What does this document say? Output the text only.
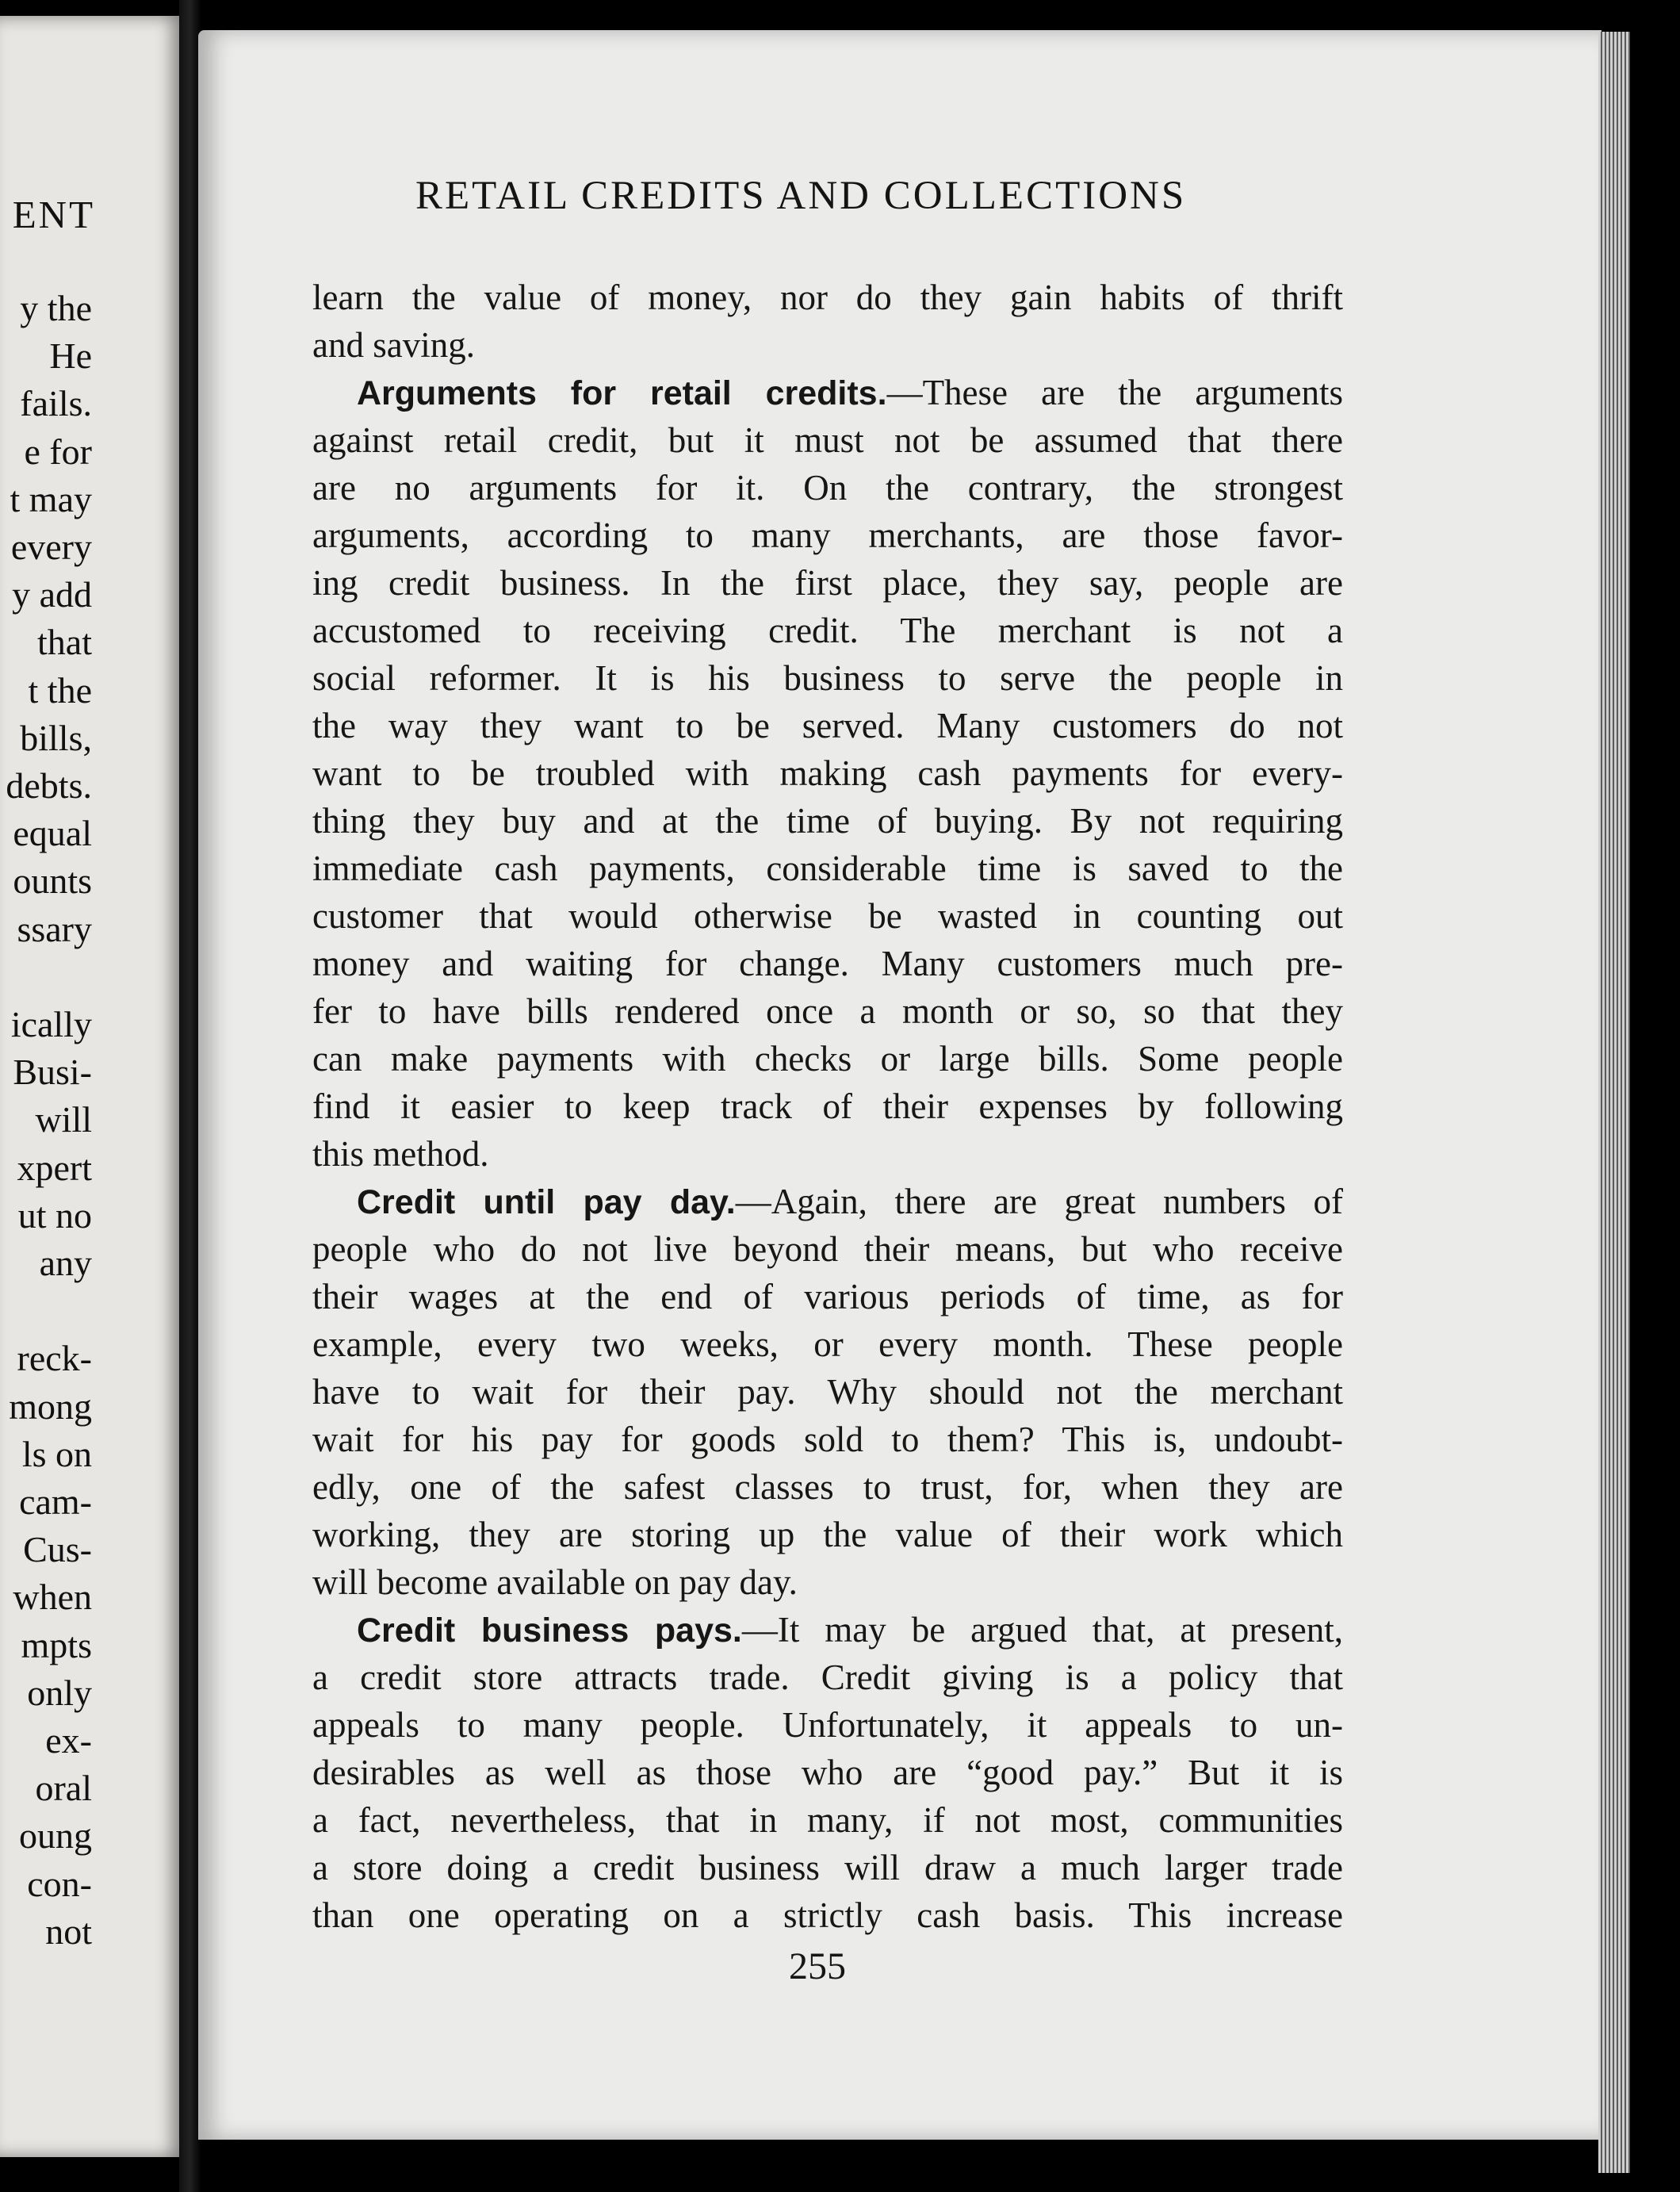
ENT
y the
He
fails.
e for
t may
every
y add
that
t the
bills,
debts.
equal
ounts
ssary
ically
Busi-
will
xpert
ut no
any
reck-
mong
ls on
cam-
Cus-
when
mpts
only
ex-
oral
oung
con-
not
RETAIL CREDITS AND COLLECTIONS
learn the value of money, nor do they gain habits of thrift
and saving.
Arguments for retail credits.—These are the arguments
against retail credit, but it must not be assumed that there
are no arguments for it. On the contrary, the strongest
arguments, according to many merchants, are those favor-
ing credit business. In the first place, they say, people are
accustomed to receiving credit. The merchant is not a
social reformer. It is his business to serve the people in
the way they want to be served. Many customers do not
want to be troubled with making cash payments for every-
thing they buy and at the time of buying. By not requiring
immediate cash payments, considerable time is saved to the
customer that would otherwise be wasted in counting out
money and waiting for change. Many customers much pre-
fer to have bills rendered once a month or so, so that they
can make payments with checks or large bills. Some people
find it easier to keep track of their expenses by following
this method.
Credit until pay day.—Again, there are great numbers of
people who do not live beyond their means, but who receive
their wages at the end of various periods of time, as for
example, every two weeks, or every month. These people
have to wait for their pay. Why should not the merchant
wait for his pay for goods sold to them? This is, undoubt-
edly, one of the safest classes to trust, for, when they are
working, they are storing up the value of their work which
will become available on pay day.
Credit business pays.—It may be argued that, at present,
a credit store attracts trade. Credit giving is a policy that
appeals to many people. Unfortunately, it appeals to un-
desirables as well as those who are “good pay.” But it is
a fact, nevertheless, that in many, if not most, communities
a store doing a credit business will draw a much larger trade
than one operating on a strictly cash basis. This increase
255
